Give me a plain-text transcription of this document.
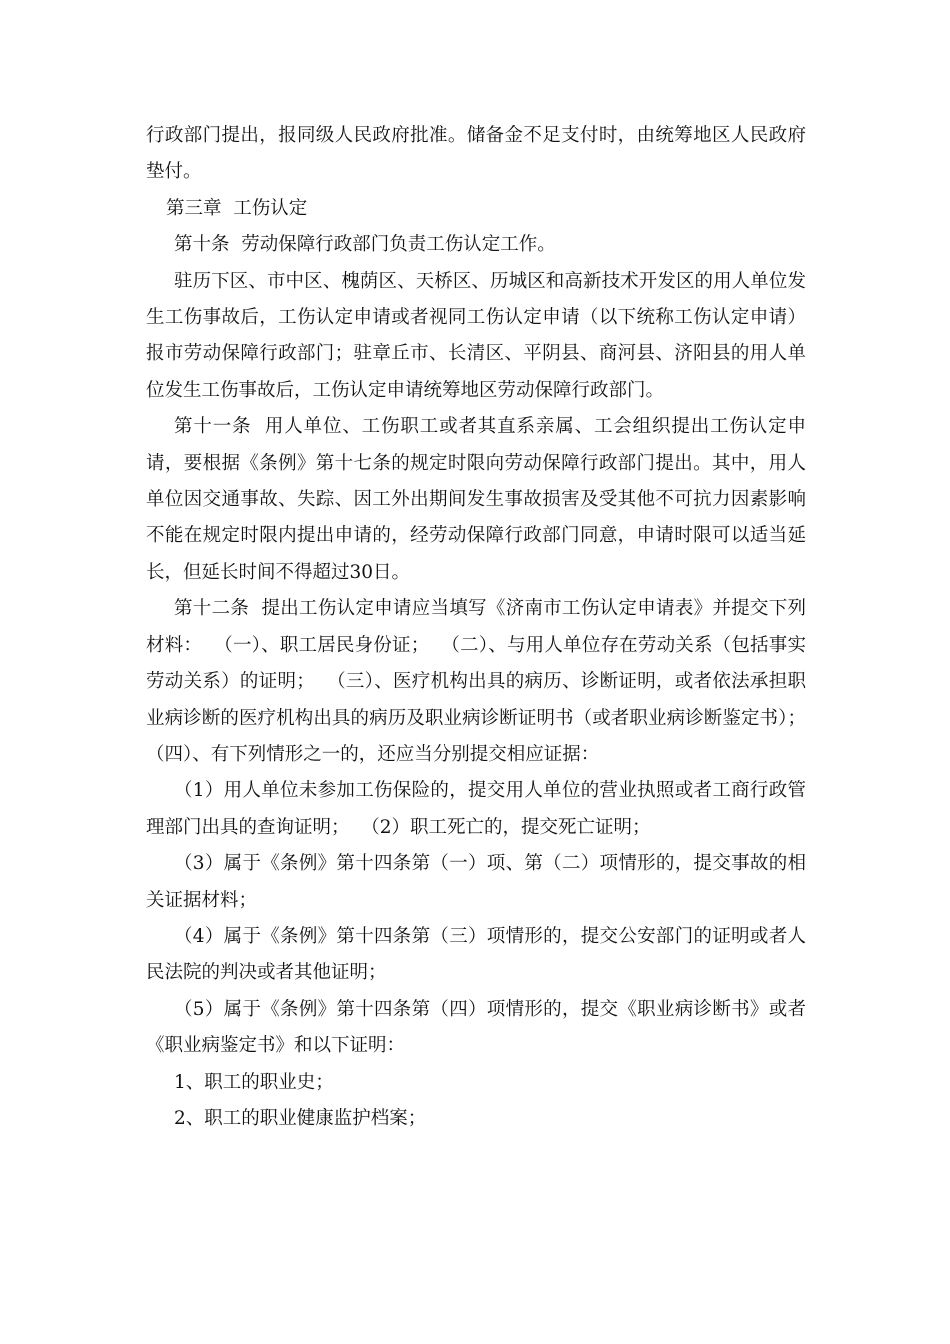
行政部门提出，报同级人民政府批准。储备金不足支付时，由统筹地区人民政府垫付。

第三章  工伤认定

第十条  劳动保障行政部门负责工伤认定工作。

驻历下区、市中区、槐荫区、天桥区、历城区和高新技术开发区的用人单位发生工伤事故后，工伤认定申请或者视同工伤认定申请（以下统称工伤认定申请）报市劳动保障行政部门；驻章丘市、长清区、平阴县、商河县、济阳县的用人单位发生工伤事故后，工伤认定申请统筹地区劳动保障行政部门。

第十一条  用人单位、工伤职工或者其直系亲属、工会组织提出工伤认定申请，要根据《条例》第十七条的规定时限向劳动保障行政部门提出。其中，用人单位因交通事故、失踪、因工外出期间发生事故损害及受其他不可抗力因素影响不能在规定时限内提出申请的，经劳动保障行政部门同意，申请时限可以适当延长，但延长时间不得超过30日。

第十二条  提出工伤认定申请应当填写《济南市工伤认定申请表》并提交下列材料：  （一）、职工居民身份证；  （二）、与用人单位存在劳动关系（包括事实劳动关系）的证明；  （三）、医疗机构出具的病历、诊断证明，或者依法承担职业病诊断的医疗机构出具的病历及职业病诊断证明书（或者职业病诊断鉴定书）；  （四）、有下列情形之一的，还应当分别提交相应证据：

（1）用人单位未参加工伤保险的，提交用人单位的营业执照或者工商行政管理部门出具的查询证明；  （2）职工死亡的，提交死亡证明；

（3）属于《条例》第十四条第（一）项、第（二）项情形的，提交事故的相关证据材料；

（4）属于《条例》第十四条第（三）项情形的，提交公安部门的证明或者人民法院的判决或者其他证明；

（5）属于《条例》第十四条第（四）项情形的，提交《职业病诊断书》或者《职业病鉴定书》和以下证明：

1、职工的职业史；

2、职工的职业健康监护档案；
